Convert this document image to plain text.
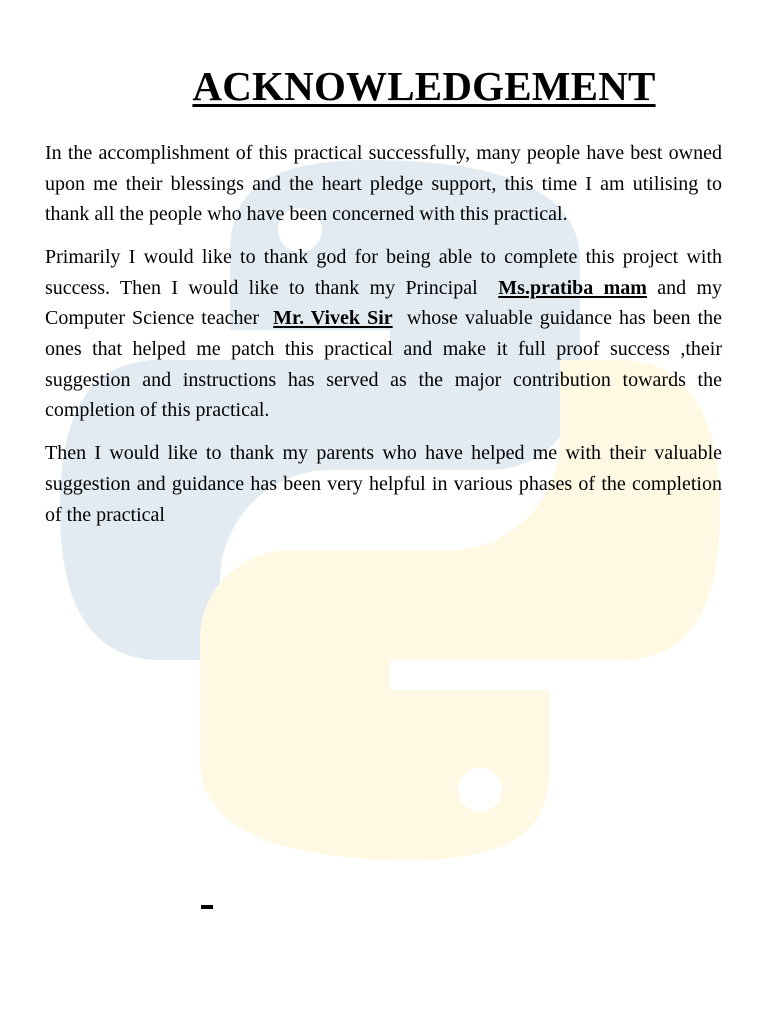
ACKNOWLEDGEMENT

In the accomplishment of this practical successfully, many people have best owned upon me their blessings and the heart pledge support, this time I am utilising to thank all the people who have been concerned with this practical.

Primarily I would like to thank god for being able to complete this project with success. Then I would like to thank my Principal Ms.pratiba mam and my Computer Science teacher Mr. Vivek Sir whose valuable guidance has been the ones that helped me patch this practical and make it full proof success ,their suggestion and instructions has served as the major contribution towards the completion of this practical.

Then I would like to thank my parents who have helped me with their valuable suggestion and guidance has been very helpful in various phases of the completion of the practical
